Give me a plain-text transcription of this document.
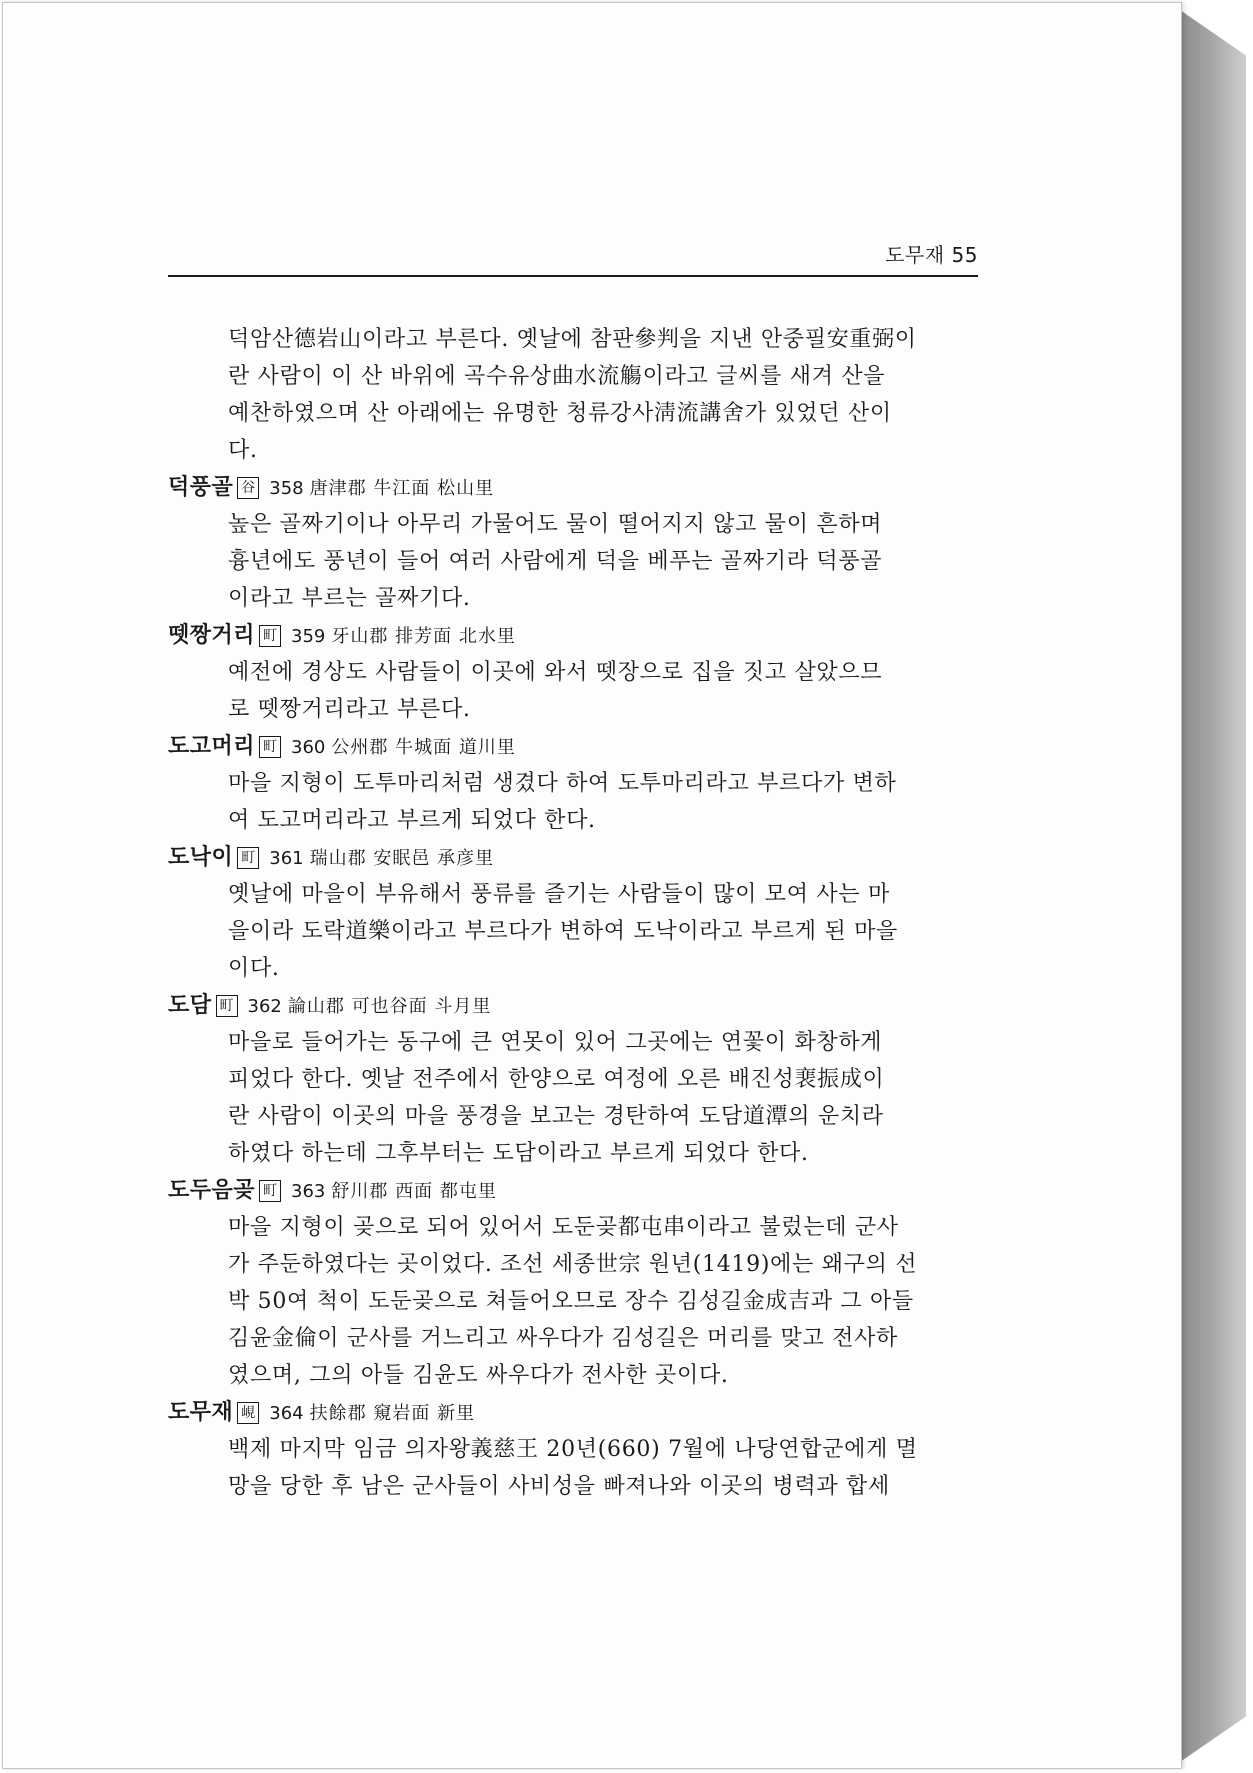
도무재 55
덕암산德岩山이라고 부른다. 옛날에 참판參判을 지낸 안중필安重弼이
란 사람이 이 산 바위에 곡수유상曲水流觴이라고 글씨를 새겨 산을
예찬하였으며 산 아래에는 유명한 청류강사淸流講舍가 있었던 산이
다.
덕풍골 谷 358 唐津郡 牛江面 松山里
높은 골짜기이나 아무리 가물어도 물이 떨어지지 않고 물이 흔하며
흉년에도 풍년이 들어 여러 사람에게 덕을 베푸는 골짜기라 덕풍골
이라고 부르는 골짜기다.
뗏짱거리 町 359 牙山郡 排芳面 北水里
예전에 경상도 사람들이 이곳에 와서 뗏장으로 집을 짓고 살았으므
로 뗏짱거리라고 부른다.
도고머리 町 360 公州郡 牛城面 道川里
마을 지형이 도투마리처럼 생겼다 하여 도투마리라고 부르다가 변하
여 도고머리라고 부르게 되었다 한다.
도낙이 町 361 瑞山郡 安眠邑 承彦里
옛날에 마을이 부유해서 풍류를 즐기는 사람들이 많이 모여 사는 마
을이라 도락道樂이라고 부르다가 변하여 도낙이라고 부르게 된 마을
이다.
도담 町 362 論山郡 可也谷面 斗月里
마을로 들어가는 동구에 큰 연못이 있어 그곳에는 연꽃이 화창하게
피었다 한다. 옛날 전주에서 한양으로 여정에 오른 배진성裵振成이
란 사람이 이곳의 마을 풍경을 보고는 경탄하여 도담道潭의 운치라
하였다 하는데 그후부터는 도담이라고 부르게 되었다 한다.
도두음곶 町 363 舒川郡 西面 都屯里
마을 지형이 곶으로 되어 있어서 도둔곶都屯串이라고 불렀는데 군사
가 주둔하였다는 곳이었다. 조선 세종世宗 원년(1419)에는 왜구의 선
박 50여 척이 도둔곶으로 쳐들어오므로 장수 김성길金成吉과 그 아들
김윤金倫이 군사를 거느리고 싸우다가 김성길은 머리를 맞고 전사하
였으며, 그의 아들 김윤도 싸우다가 전사한 곳이다.
도무재 峴 364 扶餘郡 窺岩面 新里
백제 마지막 임금 의자왕義慈王 20년(660) 7월에 나당연합군에게 멸
망을 당한 후 남은 군사들이 사비성을 빠져나와 이곳의 병력과 합세
